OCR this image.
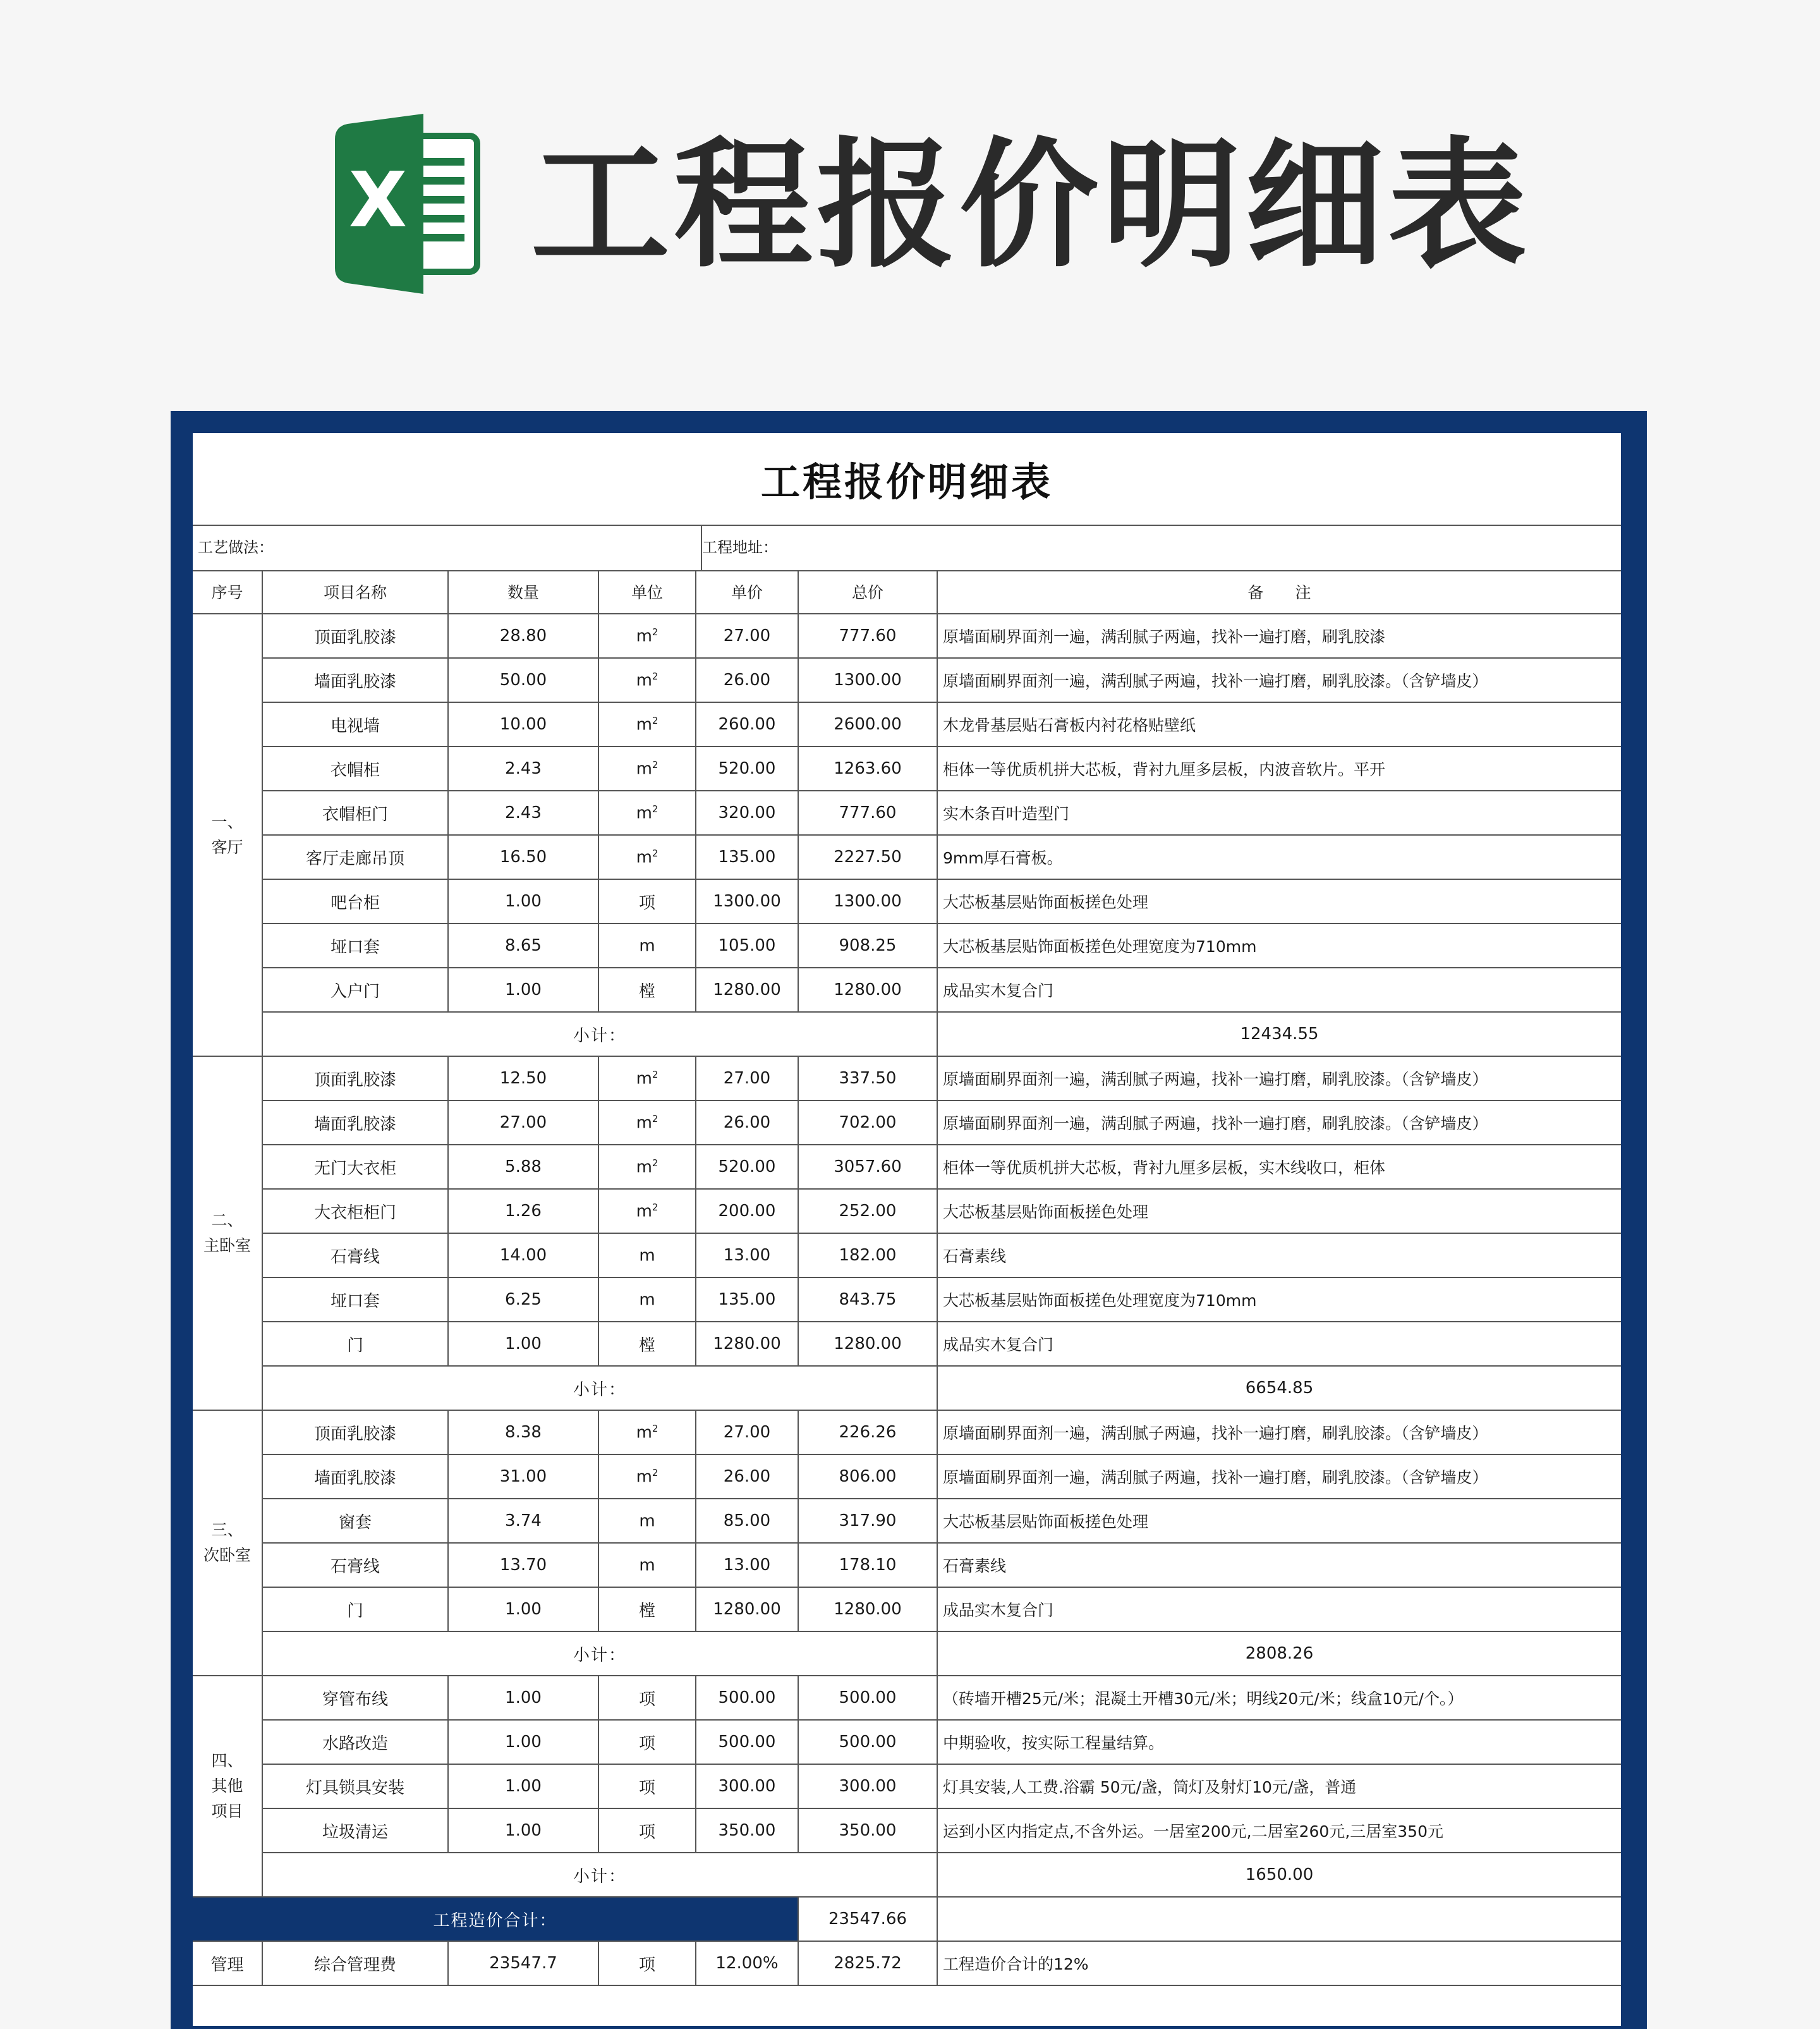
X 工程报价明细表
工程报价明细表
工艺做法：	工程地址：
序号	项目名称	数量	单位	单价	总价	备　　注

一、
客厅	顶面乳胶漆	28.80	$m^2$	27.00	777.60	原墙面刷界面剂一遍，满刮腻子两遍，找补一遍打磨，刷乳胶漆
	墙面乳胶漆	50.00	$m^2$	26.00	1300.00	原墙面刷界面剂一遍，满刮腻子两遍，找补一遍打磨，刷乳胶漆。（含铲墙皮）
	电视墙	10.00	$m^2$	260.00	2600.00	木龙骨基层贴石膏板内衬花格贴壁纸
	衣帽柜	2.43	$m^2$	520.00	1263.60	柜体一等优质机拼大芯板，背衬九厘多层板，内波音软片。平开
	衣帽柜门	2.43	$m^2$	320.00	777.60	实木条百叶造型门
	客厅走廊吊顶	16.50	$m^2$	135.00	2227.50	9mm厚石膏板。
	吧台柜	1.00	项	1300.00	1300.00	大芯板基层贴饰面板搓色处理
	垭口套	8.65	m	105.00	908.25	大芯板基层贴饰面板搓色处理宽度为710mm
	入户门	1.00	樘	1280.00	1280.00	成品实木复合门
	小计：					12434.55

二、
主卧室	顶面乳胶漆	12.50	$m^2$	27.00	337.50	原墙面刷界面剂一遍，满刮腻子两遍，找补一遍打磨，刷乳胶漆。（含铲墙皮）
	墙面乳胶漆	27.00	$m^2$	26.00	702.00	原墙面刷界面剂一遍，满刮腻子两遍，找补一遍打磨，刷乳胶漆。（含铲墙皮）
	无门大衣柜	5.88	$m^2$	520.00	3057.60	柜体一等优质机拼大芯板，背衬九厘多层板，实木线收口，柜体
	大衣柜柜门	1.26	$m^2$	200.00	252.00	大芯板基层贴饰面板搓色处理
	石膏线	14.00	m	13.00	182.00	石膏素线
	垭口套	6.25	m	135.00	843.75	大芯板基层贴饰面板搓色处理宽度为710mm
	门	1.00	樘	1280.00	1280.00	成品实木复合门
	小计：					6654.85

三、
次卧室	顶面乳胶漆	8.38	$m^2$	27.00	226.26	原墙面刷界面剂一遍，满刮腻子两遍，找补一遍打磨，刷乳胶漆。（含铲墙皮）
	墙面乳胶漆	31.00	$m^2$	26.00	806.00	原墙面刷界面剂一遍，满刮腻子两遍，找补一遍打磨，刷乳胶漆。（含铲墙皮）
	窗套	3.74	m	85.00	317.90	大芯板基层贴饰面板搓色处理
	石膏线	13.70	m	13.00	178.10	石膏素线
	门	1.00	樘	1280.00	1280.00	成品实木复合门
	小计：					2808.26

四、
其他
项目	穿管布线	1.00	项	500.00	500.00	（砖墙开槽25元/米；混凝土开槽30元/米；明线20元/米；线盒10元/个。）
	水路改造	1.00	项	500.00	500.00	中期验收，按实际工程量结算。
	灯具锁具安装	1.00	项	300.00	300.00	灯具安装,人工费.浴霸 50元/盏，筒灯及射灯10元/盏，普通
	垃圾清运	1.00	项	350.00	350.00	运到小区内指定点,不含外运。一居室200元,二居室260元,三居室350元
	小计：					1650.00
工程造价合计：					23547.66	
管理	综合管理费	23547.7	项	12.00%	2825.72	工程造价合计的12%
